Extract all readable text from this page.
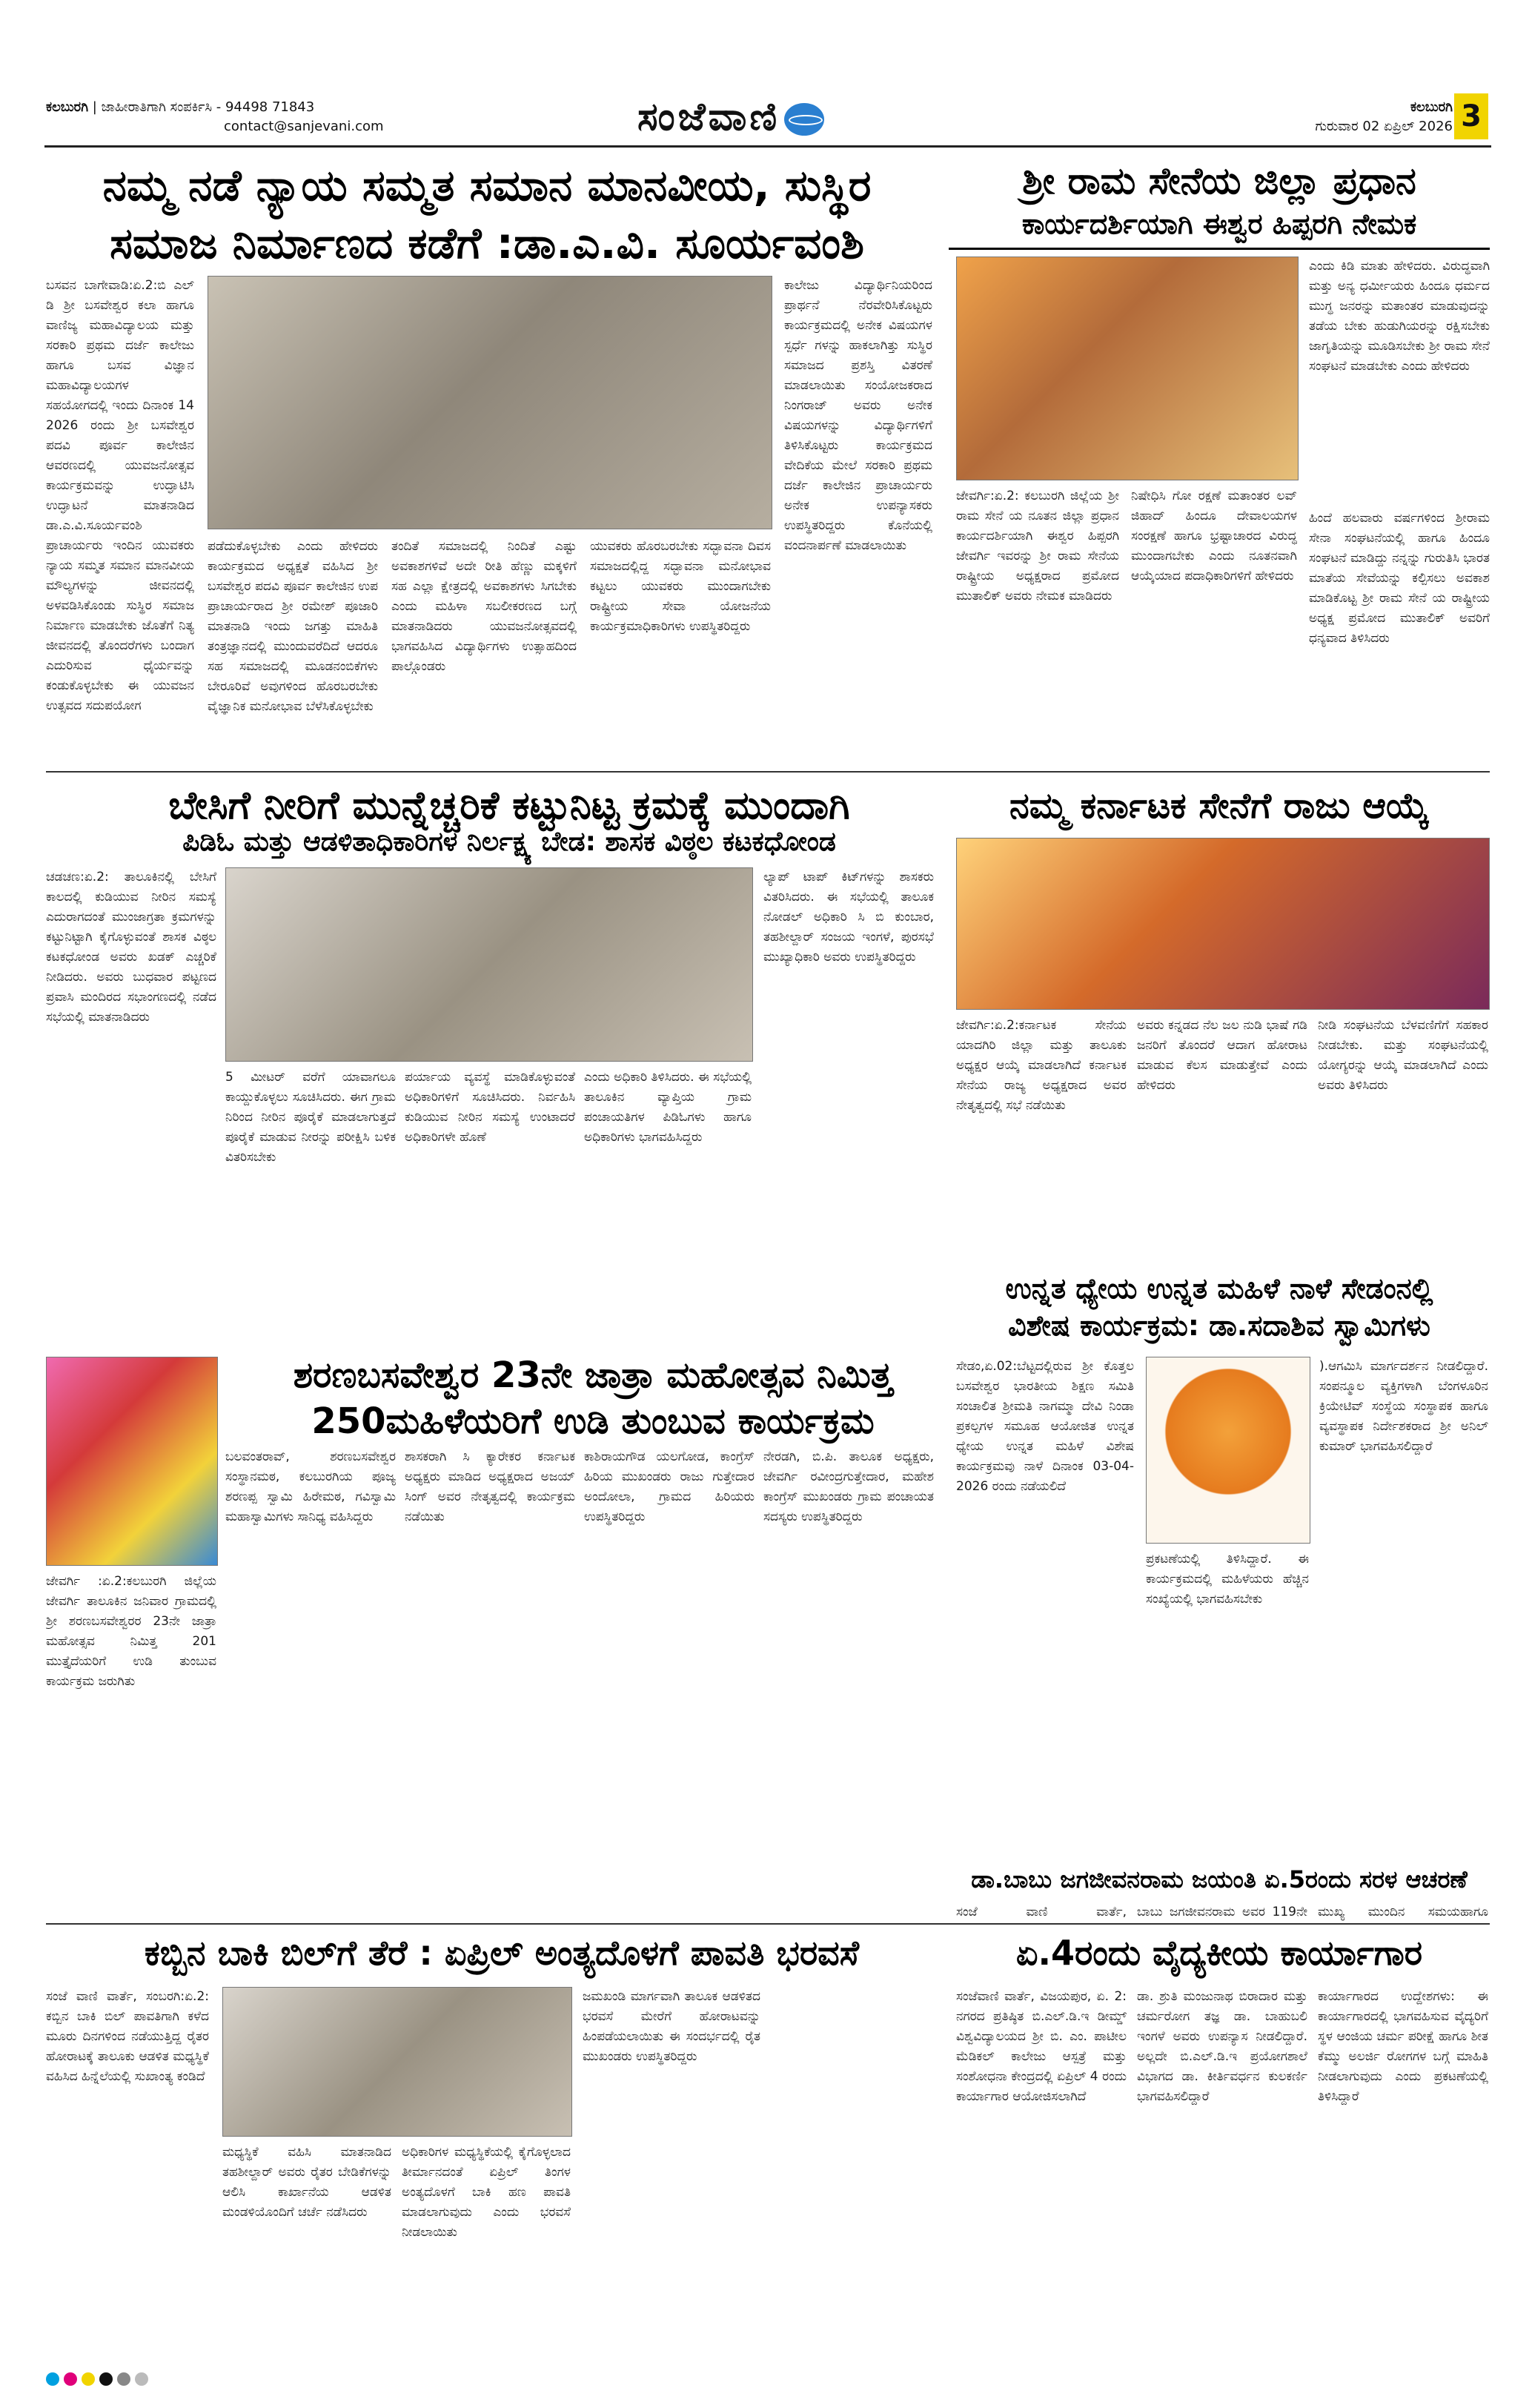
ಕಲಬುರಗಿ | ಜಾಹೀರಾತಿಗಾಗಿ ಸಂಪರ್ಕಿಸಿ - 94498 71843
contact@sanjevani.com	ಸಂಜೆವಾಣಿ	ಕಲಬುರಗಿ
ಗುರುವಾರ 02 ಏಪ್ರಿಲ್ 2026 3
ನಮ್ಮ ನಡೆ ನ್ಯಾಯ ಸಮ್ಮತ ಸಮಾನ ಮಾನವೀಯ, ಸುಸ್ಥಿರ
ಸಮಾಜ ನಿರ್ಮಾಣದ ಕಡೆಗೆ :ಡಾ.ಎ.ವಿ. ಸೂರ್ಯವಂಶಿ
ಬಸವನ ಬಾಗೇವಾಡಿ:ಏ.2:ಬಿ ಎಲ್ ಡಿ ಶ್ರೀ ಬಸವೇಶ್ವರ ಕಲಾ ಹಾಗೂ ವಾಣಿಜ್ಯ ಮಹಾವಿದ್ಯಾಲಯ ಮತ್ತು ಸರಕಾರಿ ಪ್ರಥಮ ದರ್ಜೆ ಕಾಲೇಜು ಹಾಗೂ ಬಸವ ವಿಜ್ಞಾನ ಮಹಾವಿದ್ಯಾಲಯಗಳ ಸಹಯೋಗದಲ್ಲಿ ಇಂದು ದಿನಾಂಕ 14 2026 ರಂದು ಶ್ರೀ ಬಸವೇಶ್ವರ ಪದವಿ ಪೂರ್ವ ಕಾಲೇಜಿನ ಆವರಣದಲ್ಲಿ ಯುವಜನೋತ್ಸವ ಕಾರ್ಯಕ್ರಮವನ್ನು ಉದ್ಘಾಟಿಸಿ ಉದ್ಘಾಟನೆ ಮಾತನಾಡಿದ ಡಾ.ಎ.ವಿ.ಸೂರ್ಯವಂಶಿ ಪ್ರಾಚಾರ್ಯರು ಇಂದಿನ ಯುವಕರು ನ್ಯಾಯ ಸಮ್ಮತ ಸಮಾನ ಮಾನವೀಯ ಮೌಲ್ಯಗಳನ್ನು ಜೀವನದಲ್ಲಿ ಅಳವಡಿಸಿಕೊಂಡು ಸುಸ್ಥಿರ ಸಮಾಜ ನಿರ್ಮಾಣ ಮಾಡಬೇಕು ಜೊತೆಗೆ ನಿತ್ಯ ಜೀವನದಲ್ಲಿ ತೊಂದರೆಗಳು ಬಂದಾಗ ಎದುರಿಸುವ ಧೈರ್ಯವನ್ನು ಕಂಡುಕೊಳ್ಳಬೇಕು ಈ ಯುವಜನ ಉತ್ಸವದ ಸದುಪಯೋಗ
ಪಡೆದುಕೊಳ್ಳಬೇಕು ಎಂದು ಹೇಳಿದರು ಕಾರ್ಯಕ್ರಮದ ಅಧ್ಯಕ್ಷತೆ ವಹಿಸಿದ ಶ್ರೀ ಬಸವೇಶ್ವರ ಪದವಿ ಪೂರ್ವ ಕಾಲೇಜಿನ ಉಪ ಪ್ರಾಚಾರ್ಯರಾದ ಶ್ರೀ ರಮೇಶ್ ಪೂಜಾರಿ ಮಾತನಾಡಿ ಇಂದು ಜಗತ್ತು ಮಾಹಿತಿ ತಂತ್ರಜ್ಞಾನದಲ್ಲಿ ಮುಂದುವರೆದಿದೆ ಆದರೂ ಸಹ ಸಮಾಜದಲ್ಲಿ ಮೂಡನಂಬಿಕೆಗಳು ಬೇರೂರಿವೆ ಅವುಗಳಿಂದ ಹೊರಬರಬೇಕು ವೈಜ್ಞಾನಿಕ ಮನೋಭಾವ ಬೆಳೆಸಿಕೊಳ್ಳಬೇಕು
ತಂದಿತೆ ಸಮಾಜದಲ್ಲಿ ನಿಂದಿತೆ ಎಷ್ಟು ಅವಕಾಶಗಳಿವೆ ಅದೇ ರೀತಿ ಹೆಣ್ಣು ಮಕ್ಕಳಿಗೆ ಸಹ ಎಲ್ಲಾ ಕ್ಷೇತ್ರದಲ್ಲಿ ಅವಕಾಶಗಳು ಸಿಗಬೇಕು ಎಂದು ಮಹಿಳಾ ಸಬಲೀಕರಣದ ಬಗ್ಗೆ ಮಾತನಾಡಿದರು ಯುವಜನೋತ್ಸವದಲ್ಲಿ ಭಾಗವಹಿಸಿದ ವಿದ್ಯಾರ್ಥಿಗಳು ಉತ್ಸಾಹದಿಂದ ಪಾಲ್ಗೊಂಡರು
ಯುವಕರು ಹೊರಬರಬೇಕು ಸದ್ಭಾವನಾ ದಿವಸ ಸಮಾಜದಲ್ಲಿದ್ದ ಸದ್ಭಾವನಾ ಮನೋಭಾವ ಕಟ್ಟಲು ಯುವಕರು ಮುಂದಾಗಬೇಕು ರಾಷ್ಟ್ರೀಯ ಸೇವಾ ಯೋಜನೆಯ ಕಾರ್ಯಕ್ರಮಾಧಿಕಾರಿಗಳು ಉಪಸ್ಥಿತರಿದ್ದರು
ಕಾಲೇಜು ವಿದ್ಯಾರ್ಥಿನಿಯರಿಂದ ಪ್ರಾರ್ಥನೆ ನೆರವೇರಿಸಿಕೊಟ್ಟರು ಕಾರ್ಯಕ್ರಮದಲ್ಲಿ ಅನೇಕ ವಿಷಯಗಳ ಸ್ಪರ್ಧೆ ಗಳನ್ನು ಹಾಕಲಾಗಿತ್ತು ಸುಸ್ಥಿರ ಸಮಾಜದ ಪ್ರಶಸ್ತಿ ವಿತರಣೆ ಮಾಡಲಾಯಿತು ಸಂಯೋಜಕರಾದ ನಿಂಗರಾಜ್ ಅವರು ಅನೇಕ ವಿಷಯಗಳನ್ನು ವಿದ್ಯಾರ್ಥಿಗಳಿಗೆ ತಿಳಿಸಿಕೊಟ್ಟರು ಕಾರ್ಯಕ್ರಮದ ವೇದಿಕೆಯ ಮೇಲೆ ಸರಕಾರಿ ಪ್ರಥಮ ದರ್ಜೆ ಕಾಲೇಜಿನ ಪ್ರಾಚಾರ್ಯರು ಅನೇಕ ಉಪನ್ಯಾಸಕರು ಉಪಸ್ಥಿತರಿದ್ದರು ಕೊನೆಯಲ್ಲಿ ವಂದನಾರ್ಪಣೆ ಮಾಡಲಾಯಿತು
ಶ್ರೀ ರಾಮ ಸೇನೆಯ ಜಿಲ್ಲಾ ಪ್ರಧಾನ
ಕಾರ್ಯದರ್ಶಿಯಾಗಿ ಈಶ್ವರ ಹಿಪ್ಪರಗಿ ನೇಮಕ
ಜೇವರ್ಗಿ:ಏ.2: ಕಲಬುರಗಿ ಜಿಲ್ಲೆಯ ಶ್ರೀ ರಾಮ ಸೇನೆ ಯ ನೂತನ ಜಿಲ್ಲಾ ಪ್ರಧಾನ ಕಾರ್ಯದರ್ಶಿಯಾಗಿ ಈಶ್ವರ ಹಿಪ್ಪರಗಿ ಜೇವರ್ಗಿ ಇವರನ್ನು ಶ್ರೀ ರಾಮ ಸೇನೆಯ ರಾಷ್ಟ್ರೀಯ ಅಧ್ಯಕ್ಷರಾದ ಪ್ರಮೋದ ಮುತಾಲಿಕ್ ಅವರು ನೇಮಕ ಮಾಡಿದರು
ನಿಷೇಧಿಸಿ ಗೋ ರಕ್ಷಣೆ ಮತಾಂತರ ಲವ್ ಜಿಹಾದ್ ಹಿಂದೂ ದೇವಾಲಯಗಳ ಸಂರಕ್ಷಣೆ ಹಾಗೂ ಭ್ರಷ್ಟಾಚಾರದ ವಿರುದ್ಧ ಮುಂದಾಗಬೇಕು ಎಂದು ನೂತನವಾಗಿ ಆಯ್ಕೆಯಾದ ಪದಾಧಿಕಾರಿಗಳಿಗೆ ಹೇಳಿದರು
ಎಂದು ಕಿಡಿ ಮಾತು ಹೇಳಿದರು. ವಿರುದ್ಧವಾಗಿ ಮತ್ತು ಅನ್ಯ ಧರ್ಮೀಯರು ಹಿಂದೂ ಧರ್ಮದ ಮುಗ್ಧ ಜನರನ್ನು ಮತಾಂತರ ಮಾಡುವುದನ್ನು ತಡೆಯ ಬೇಕು ಹುಡುಗಿಯರನ್ನು ರಕ್ಷಿಸಬೇಕು ಜಾಗೃತಿಯನ್ನು ಮೂಡಿಸಬೇಕು ಶ್ರೀ ರಾಮ ಸೇನೆ ಸಂಘಟನೆ ಮಾಡಬೇಕು ಎಂದು ಹೇಳಿದರು
ಹಿಂದೆ ಹಲವಾರು ವರ್ಷಗಳಿಂದ ಶ್ರೀರಾಮ ಸೇನಾ ಸಂಘಟನೆಯಲ್ಲಿ ಹಾಗೂ ಹಿಂದೂ ಸಂಘಟನೆ ಮಾಡಿದ್ದು ನನ್ನನ್ನು ಗುರುತಿಸಿ ಭಾರತ ಮಾತೆಯ ಸೇವೆಯನ್ನು ಕಲ್ಪಿಸಲು ಅವಕಾಶ ಮಾಡಿಕೊಟ್ಟ ಶ್ರೀ ರಾಮ ಸೇನೆ ಯ ರಾಷ್ಟ್ರೀಯ ಅಧ್ಯಕ್ಷ ಪ್ರಮೋದ ಮುತಾಲಿಕ್ ಅವರಿಗೆ ಧನ್ಯವಾದ ತಿಳಿಸಿದರು
ಬೇಸಿಗೆ ನೀರಿಗೆ ಮುನ್ನೆಚ್ಚರಿಕೆ ಕಟ್ಟುನಿಟ್ಟ ಕ್ರಮಕ್ಕೆ ಮುಂದಾಗಿ
ಪಿಡಿಓ ಮತ್ತು ಆಡಳಿತಾಧಿಕಾರಿಗಳ ನಿರ್ಲಕ್ಷ್ಯ ಬೇಡ: ಶಾಸಕ ವಿಠ್ಠಲ ಕಟಕಧೋಂಡ
ಚಡಚಣ:ಏ.2: ತಾಲೂಕಿನಲ್ಲಿ ಬೇಸಿಗೆ ಕಾಲದಲ್ಲಿ ಕುಡಿಯುವ ನೀರಿನ ಸಮಸ್ಯೆ ಎದುರಾಗದಂತೆ ಮುಂಜಾಗ್ರತಾ ಕ್ರಮಗಳನ್ನು ಕಟ್ಟುನಿಟ್ಟಾಗಿ ಕೈಗೊಳ್ಳುವಂತೆ ಶಾಸಕ ವಿಠ್ಠಲ ಕಟಕಧೋಂಡ ಅವರು ಖಡಕ್ ಎಚ್ಚರಿಕೆ ನೀಡಿದರು. ಅವರು ಬುಧವಾರ ಪಟ್ಟಣದ ಪ್ರವಾಸಿ ಮಂದಿರದ ಸಭಾಂಗಣದಲ್ಲಿ ನಡೆದ ಸಭೆಯಲ್ಲಿ ಮಾತನಾಡಿದರು
5 ಮೀಟರ್ ವರೆಗೆ ಯಾವಾಗಲೂ ಕಾಯ್ದುಕೊಳ್ಳಲು ಸೂಚಿಸಿದರು. ಈಗ ಗ್ರಾಮ ನಿರಿಂದ ನೀರಿನ ಪೂರೈಕೆ ಮಾಡಲಾಗುತ್ತದೆ ಪೂರೈಕೆ ಮಾಡುವ ನೀರನ್ನು ಪರೀಕ್ಷಿಸಿ ಬಳಿಕ ವಿತರಿಸಬೇಕು
ಪರ್ಯಾಯ ವ್ಯವಸ್ಥೆ ಮಾಡಿಕೊಳ್ಳುವಂತೆ ಅಧಿಕಾರಿಗಳಿಗೆ ಸೂಚಿಸಿದರು. ನಿರ್ವಹಿಸಿ ಕುಡಿಯುವ ನೀರಿನ ಸಮಸ್ಯೆ ಉಂಟಾದರೆ ಅಧಿಕಾರಿಗಳೇ ಹೊಣೆ
ಎಂದು ಅಧಿಕಾರಿ ತಿಳಿಸಿದರು. ಈ ಸಭೆಯಲ್ಲಿ ತಾಲೂಕಿನ ವ್ಯಾಪ್ತಿಯ ಗ್ರಾಮ ಪಂಚಾಯತಿಗಳ ಪಿಡಿಓಗಳು ಹಾಗೂ ಅಧಿಕಾರಿಗಳು ಭಾಗವಹಿಸಿದ್ದರು
ಲ್ಯಾಪ್ ಟಾಪ್ ಕಿಟ್‌ಗಳನ್ನು ಶಾಸಕರು ವಿತರಿಸಿದರು. ಈ ಸಭೆಯಲ್ಲಿ ತಾಲೂಕ ನೋಡಲ್ ಅಧಿಕಾರಿ ಸಿ ಬಿ ಕುಂಬಾರ, ತಹಶೀಲ್ದಾರ್ ಸಂಜಯ ಇಂಗಳೆ, ಪುರಸಭೆ ಮುಖ್ಯಾಧಿಕಾರಿ ಅವರು ಉಪಸ್ಥಿತರಿದ್ದರು
ನಮ್ಮ ಕರ್ನಾಟಕ ಸೇನೆಗೆ ರಾಜು ಆಯ್ಕೆ
ಜೇವರ್ಗಿ:ಏ.2:ಕರ್ನಾಟಕ ಸೇನೆಯ ಯಾದಗಿರಿ ಜಿಲ್ಲಾ ಮತ್ತು ತಾಲೂಕು ಅಧ್ಯಕ್ಷರ ಆಯ್ಕೆ ಮಾಡಲಾಗಿದೆ ಕರ್ನಾಟಕ ಸೇನೆಯ ರಾಜ್ಯ ಅಧ್ಯಕ್ಷರಾದ ಅವರ ನೇತೃತ್ವದಲ್ಲಿ ಸಭೆ ನಡೆಯಿತು
ಅವರು ಕನ್ನಡದ ನೆಲ ಜಲ ನುಡಿ ಭಾಷೆ ಗಡಿ ಜನರಿಗೆ ತೊಂದರೆ ಆದಾಗ ಹೋರಾಟ ಮಾಡುವ ಕೆಲಸ ಮಾಡುತ್ತೇವೆ ಎಂದು ಹೇಳಿದರು
ನೀಡಿ ಸಂಘಟನೆಯ ಬೆಳವಣಿಗೆಗೆ ಸಹಕಾರ ನೀಡಬೇಕು. ಮತ್ತು ಸಂಘಟನೆಯಲ್ಲಿ ಯೋಗ್ಯರನ್ನು ಆಯ್ಕೆ ಮಾಡಲಾಗಿದೆ ಎಂದು ಅವರು ತಿಳಿಸಿದರು
ಉನ್ನತ ಧ್ಯೇಯ ಉನ್ನತ ಮಹಿಳೆ ನಾಳೆ ಸೇಡಂನಲ್ಲಿ
ವಿಶೇಷ ಕಾರ್ಯಕ್ರಮ: ಡಾ.ಸದಾಶಿವ ಸ್ವಾಮಿಗಳು
ಸೇಡಂ,ಏ.02:ಬೆಟ್ಟದಲ್ಲಿರುವ ಶ್ರೀ ಕೊತ್ತಲ ಬಸವೇಶ್ವರ ಭಾರತೀಯ ಶಿಕ್ಷಣ ಸಮಿತಿ ಸಂಚಾಲಿತ ಶ್ರೀಮತಿ ನಾಗಮ್ಮಾ ದೇವಿ ನಿಂಡಾ ಪ್ರಕಲ್ಪಗಳ ಸಮೂಹ ಆಯೋಜಿತ ಉನ್ನತ ಧ್ಯೇಯ ಉನ್ನತ ಮಹಿಳೆ ವಿಶೇಷ ಕಾರ್ಯಕ್ರಮವು ನಾಳೆ ದಿನಾಂಕ 03-04-2026 ರಂದು ನಡೆಯಲಿದೆ
ಪ್ರಕಟಣೆಯಲ್ಲಿ ತಿಳಿಸಿದ್ದಾರೆ. ಈ ಕಾರ್ಯಕ್ರಮದಲ್ಲಿ ಮಹಿಳೆಯರು ಹೆಚ್ಚಿನ ಸಂಖ್ಯೆಯಲ್ಲಿ ಭಾಗವಹಿಸಬೇಕು
).ಆಗಮಿಸಿ ಮಾರ್ಗದರ್ಶನ ನೀಡಲಿದ್ದಾರೆ. ಸಂಪನ್ಮೂಲ ವ್ಯಕ್ತಿಗಳಾಗಿ ಬೆಂಗಳೂರಿನ ಕ್ರಿಯೇಟಿವ್ ಸಂಸ್ಥೆಯ ಸಂಸ್ಥಾಪಕ ಹಾಗೂ ವ್ಯವಸ್ಥಾಪಕ ನಿರ್ದೇಶಕರಾದ ಶ್ರೀ ಅನಿಲ್ ಕುಮಾರ್ ಭಾಗವಹಿಸಲಿದ್ದಾರೆ
ಶರಣಬಸವೇಶ್ವರ 23ನೇ ಜಾತ್ರಾ ಮಹೋತ್ಸವ ನಿಮಿತ್ತ
250ಮಹಿಳೆಯರಿಗೆ ಉಡಿ ತುಂಬುವ ಕಾರ್ಯಕ್ರಮ
ಜೇವರ್ಗಿ :ಏ.2:ಕಲಬುರಗಿ ಜಿಲ್ಲೆಯ ಜೇವರ್ಗಿ ತಾಲೂಕಿನ ಜನಿವಾರ ಗ್ರಾಮದಲ್ಲಿ ಶ್ರೀ ಶರಣಬಸವೇಶ್ವರರ 23ನೇ ಜಾತ್ರಾ ಮಹೋತ್ಸವ ನಿಮಿತ್ತ 201 ಮುತ್ತೈದೆಯರಿಗೆ ಉಡಿ ತುಂಬುವ ಕಾರ್ಯಕ್ರಮ ಜರುಗಿತು
ಬಲವಂತರಾವ್, ಶರಣಬಸವೇಶ್ವರ ಸಂಸ್ಥಾನಮಠ, ಕಲಬುರಗಿಯ ಪೂಜ್ಯ ಶರಣಪ್ಪ ಸ್ವಾಮಿ ಹಿರೇಮಠ, ಗವಿಸ್ವಾಮಿ ಮಹಾಸ್ವಾಮಿಗಳು ಸಾನಿಧ್ಯ ವಹಿಸಿದ್ದರು
ಶಾಸಕರಾಗಿ ಸಿ ಕ್ಯಾರೇಕರ ಕರ್ನಾಟಕ ಅಧ್ಯಕ್ಷರು ಮಾಡಿದ ಅಧ್ಯಕ್ಷರಾದ ಅಜಯ್ ಸಿಂಗ್ ಅವರ ನೇತೃತ್ವದಲ್ಲಿ ಕಾರ್ಯಕ್ರಮ ನಡೆಯಿತು
ಕಾಶಿರಾಯಗೌಡ ಯಲಗೋಡ, ಕಾಂಗ್ರೆಸ್ ಹಿರಿಯ ಮುಖಂಡರು ರಾಜು ಗುತ್ತೇದಾರ ಅಂದೋಲಾ, ಗ್ರಾಮದ ಹಿರಿಯರು ಉಪಸ್ಥಿತರಿದ್ದರು
ನೇರಡಗಿ, ಬಿ.ಪಿ. ತಾಲೂಕ ಅಧ್ಯಕ್ಷರು, ಜೇವರ್ಗಿ ರವೀಂದ್ರಗುತ್ತೇದಾರ, ಮಹೇಶ ಕಾಂಗ್ರೆಸ್ ಮುಖಂಡರು ಗ್ರಾಮ ಪಂಚಾಯತ ಸದಸ್ಯರು ಉಪಸ್ಥಿತರಿದ್ದರು
ಡಾ.ಬಾಬು ಜಗಜೀವನರಾಮ ಜಯಂತಿ ಏ.5ರಂದು ಸರಳ ಆಚರಣೆ
ಸಂಜೆ ವಾಣಿ ವಾರ್ತೆ, ಬಾಬು ಜಗಜೀವನರಾಮ ಅವರ 119ನೇ ಮುಖ್ಯ ಮುಂದಿನ ಸಮಯಹಾಗೂ
ಕಬ್ಬಿನ ಬಾಕಿ ಬಿಲ್‌ಗೆ ತೆರೆ : ಏಪ್ರಿಲ್ ಅಂತ್ಯದೊಳಗೆ ಪಾವತಿ ಭರವಸೆ
ಸಂಜೆ ವಾಣಿ ವಾರ್ತೆ, ಸಂಬರಗಿ:ಏ.2: ಕಬ್ಬಿನ ಬಾಕಿ ಬಿಲ್ ಪಾವತಿಗಾಗಿ ಕಳೆದ ಮೂರು ದಿನಗಳಿಂದ ನಡೆಯುತ್ತಿದ್ದ ರೈತರ ಹೋರಾಟಕ್ಕೆ ತಾಲೂಕು ಆಡಳಿತ ಮಧ್ಯಸ್ಥಿಕೆ ವಹಿಸಿದ ಹಿನ್ನೆಲೆಯಲ್ಲಿ ಸುಖಾಂತ್ಯ ಕಂಡಿದೆ
ಮಧ್ಯಸ್ಥಿಕೆ ವಹಿಸಿ ಮಾತನಾಡಿದ ತಹಶೀಲ್ದಾರ್ ಅವರು ರೈತರ ಬೇಡಿಕೆಗಳನ್ನು ಆಲಿಸಿ ಕಾರ್ಖಾನೆಯ ಆಡಳಿತ ಮಂಡಳಿಯೊಂದಿಗೆ ಚರ್ಚೆ ನಡೆಸಿದರು
ಅಧಿಕಾರಿಗಳ ಮಧ್ಯಸ್ಥಿಕೆಯಲ್ಲಿ ಕೈಗೊಳ್ಳಲಾದ ತೀರ್ಮಾನದಂತೆ ಏಪ್ರಿಲ್ ತಿಂಗಳ ಅಂತ್ಯದೊಳಗೆ ಬಾಕಿ ಹಣ ಪಾವತಿ ಮಾಡಲಾಗುವುದು ಎಂದು ಭರವಸೆ ನೀಡಲಾಯಿತು
ಜಮಖಂಡಿ ಮಾರ್ಗವಾಗಿ ತಾಲೂಕ ಆಡಳಿತದ ಭರವಸೆ ಮೇರೆಗೆ ಹೋರಾಟವನ್ನು ಹಿಂಪಡೆಯಲಾಯಿತು ಈ ಸಂದರ್ಭದಲ್ಲಿ ರೈತ ಮುಖಂಡರು ಉಪಸ್ಥಿತರಿದ್ದರು
ಏ.4ರಂದು ವೈದ್ಯಕೀಯ ಕಾರ್ಯಾಗಾರ
ಸಂಜೆವಾಣಿ ವಾರ್ತೆ, ವಿಜಯಪುರ, ಏ. 2: ನಗರದ ಪ್ರತಿಷ್ಠಿತ ಬಿ.ಎಲ್.ಡಿ.ಇ ಡೀಮ್ಡ್ ವಿಶ್ವವಿದ್ಯಾಲಯದ ಶ್ರೀ ಬಿ. ಎಂ. ಪಾಟೀಲ ಮೆಡಿಕಲ್ ಕಾಲೇಜು ಆಸ್ಪತ್ರೆ ಮತ್ತು ಸಂಶೋಧನಾ ಕೇಂದ್ರದಲ್ಲಿ ಏಪ್ರಿಲ್ 4 ರಂದು ಕಾರ್ಯಾಗಾರ ಆಯೋಜಿಸಲಾಗಿದೆ
ಡಾ. ಶ್ರುತಿ ಮಂಜುನಾಥ ಬಿರಾದಾರ ಮತ್ತು ಚರ್ಮರೋಗ ತಜ್ಞ ಡಾ. ಬಾಹುಬಲಿ ಇಂಗಳೆ ಅವರು ಉಪನ್ಯಾಸ ನೀಡಲಿದ್ದಾರೆ. ಅಲ್ಲದೇ ಬಿ.ಎಲ್.ಡಿ.ಇ ಪ್ರಯೋಗಶಾಲೆ ವಿಭಾಗದ ಡಾ. ಕೀರ್ತಿವರ್ಧನ ಕುಲಕರ್ಣಿ ಭಾಗವಹಿಸಲಿದ್ದಾರೆ
ಕಾರ್ಯಾಗಾರದ ಉದ್ದೇಶಗಳು: ಈ ಕಾರ್ಯಾಗಾರದಲ್ಲಿ ಭಾಗವಹಿಸುವ ವೈದ್ಯರಿಗೆ ಸ್ಥಳ ಆಂಜಿಯ ಚರ್ಮ ಪರೀಕ್ಷೆ ಹಾಗೂ ಶೀತ ಕೆಮ್ಮು ಅಲರ್ಜಿ ರೋಗಗಳ ಬಗ್ಗೆ ಮಾಹಿತಿ ನೀಡಲಾಗುವುದು ಎಂದು ಪ್ರಕಟಣೆಯಲ್ಲಿ ತಿಳಿಸಿದ್ದಾರೆ
